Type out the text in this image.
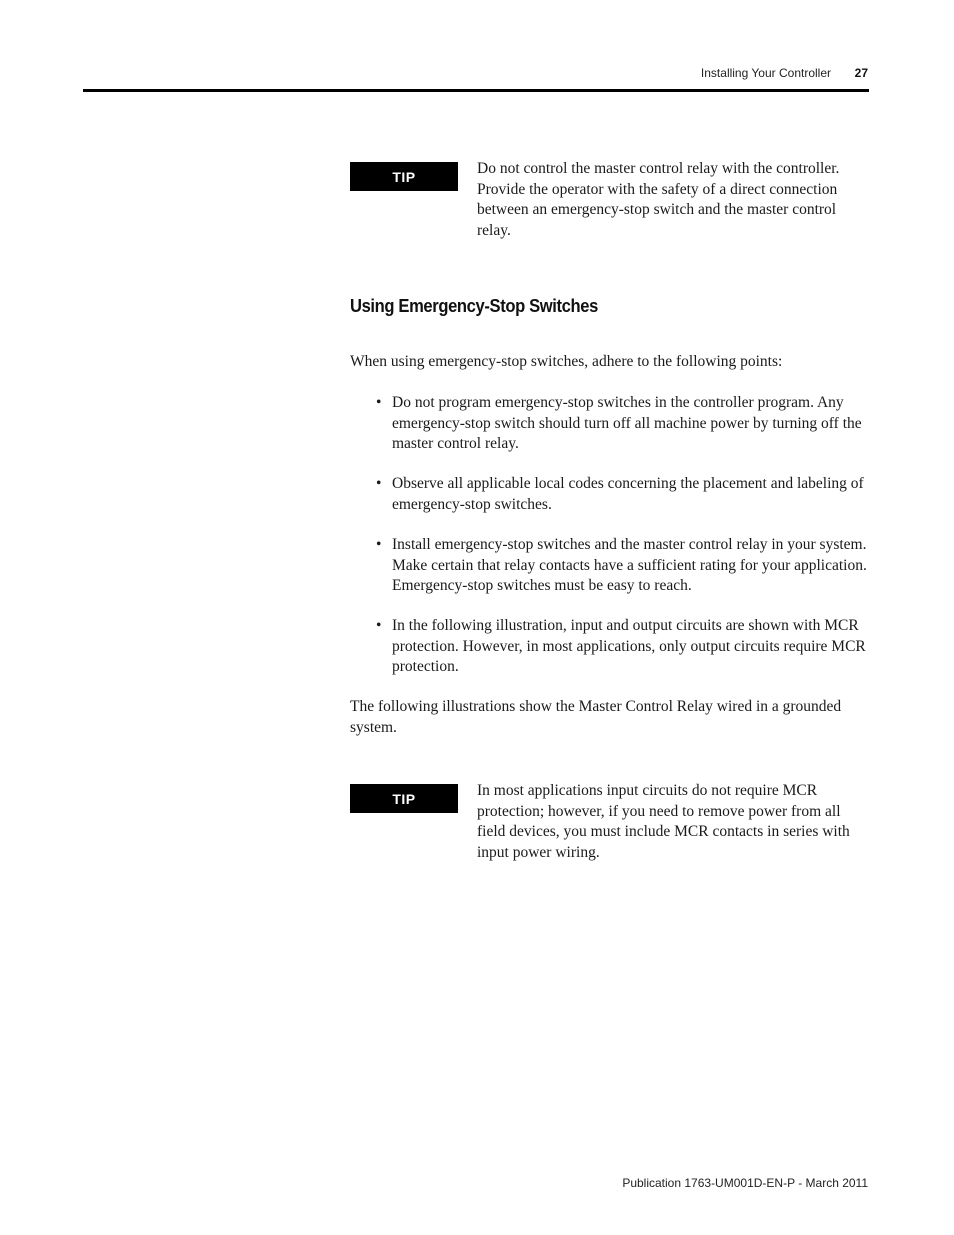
Installing Your Controller 27
TIP	Do not control the master control relay with the controller. Provide the operator with the safety of a direct connection between an emergency-stop switch and the master control relay.
Using Emergency-Stop Switches
When using emergency-stop switches, adhere to the following points:
• Do not program emergency-stop switches in the controller program. Any emergency-stop switch should turn off all machine power by turning off the master control relay.
• Observe all applicable local codes concerning the placement and labeling of emergency-stop switches.
• Install emergency-stop switches and the master control relay in your system. Make certain that relay contacts have a sufficient rating for your application. Emergency-stop switches must be easy to reach.
• In the following illustration, input and output circuits are shown with MCR protection. However, in most applications, only output circuits require MCR protection.
The following illustrations show the Master Control Relay wired in a grounded system.
TIP	In most applications input circuits do not require MCR protection; however, if you need to remove power from all field devices, you must include MCR contacts in series with input power wiring.
Publication 1763-UM001D-EN-P - March 2011
